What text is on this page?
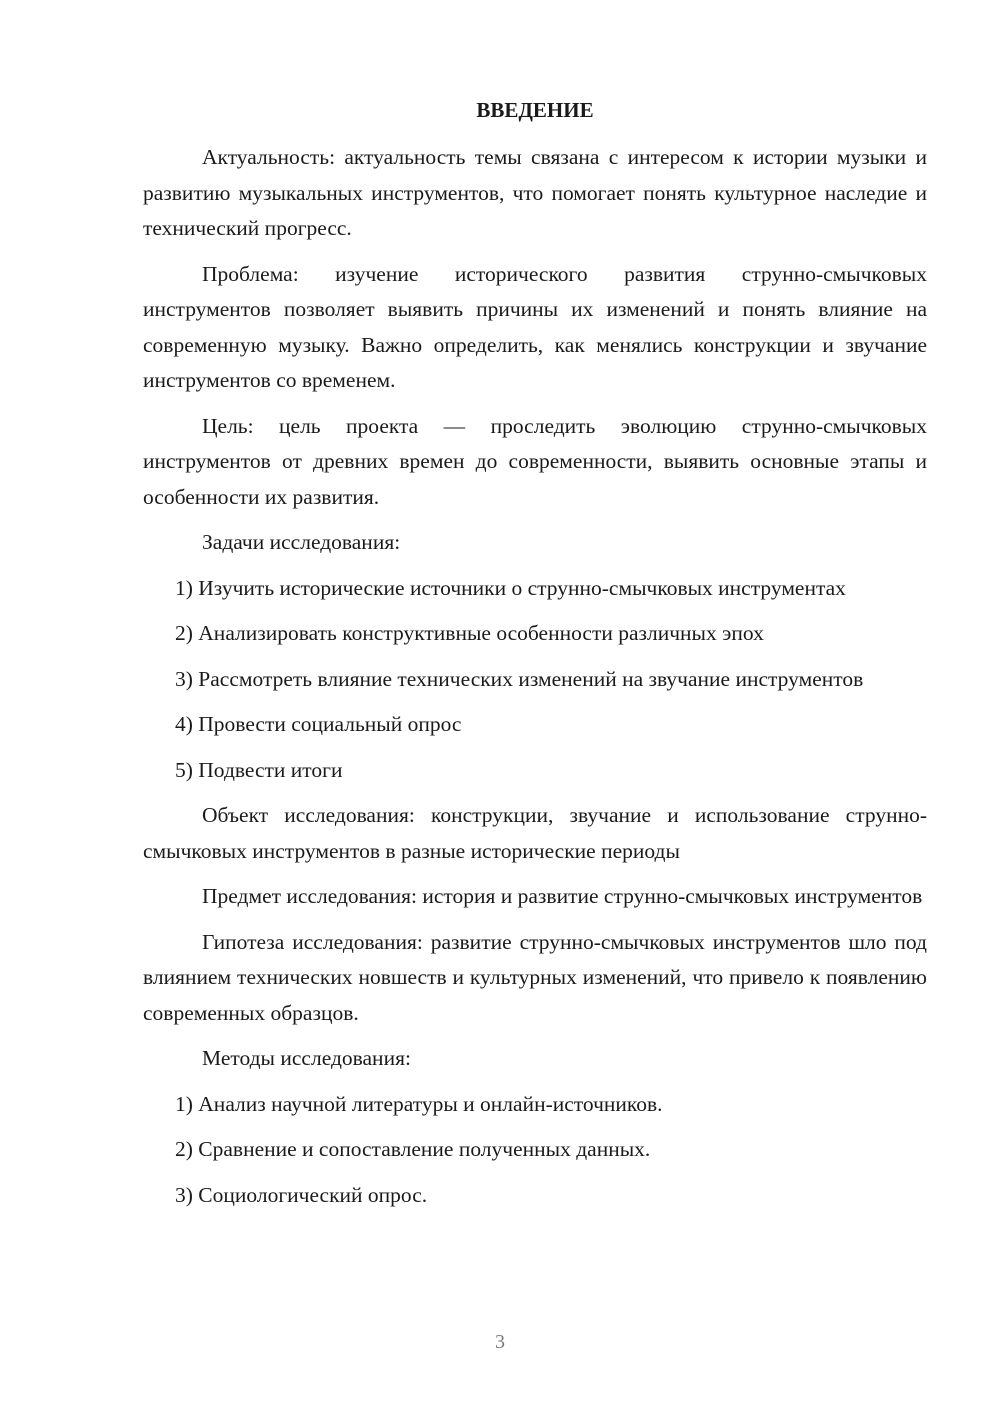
ВВЕДЕНИЕ

Актуальность: актуальность темы связана с интересом к истории музыки и развитию музыкальных инструментов, что помогает понять культурное наследие и технический прогресс.

Проблема: изучение исторического развития струнно-смычковых инструментов позволяет выявить причины их изменений и понять влияние на современную музыку. Важно определить, как менялись конструкции и звучание инструментов со временем.

Цель: цель проекта — проследить эволюцию струнно-смычковых инструментов от древних времен до современности, выявить основные этапы и особенности их развития.

Задачи исследования:

1) Изучить исторические источники о струнно-смычковых инструментах

2) Анализировать конструктивные особенности различных эпох

3) Рассмотреть влияние технических изменений на звучание инструментов

4) Провести социальный опрос

5) Подвести итоги

Объект исследования: конструкции, звучание и использование струнно-смычковых инструментов в разные исторические периоды

Предмет исследования: история и развитие струнно-смычковых инструментов

Гипотеза исследования: развитие струнно-смычковых инструментов шло под влиянием технических новшеств и культурных изменений, что привело к появлению современных образцов.

Методы исследования:

1) Анализ научной литературы и онлайн-источников.

2) Сравнение и сопоставление полученных данных.

3) Социологический опрос.

3
